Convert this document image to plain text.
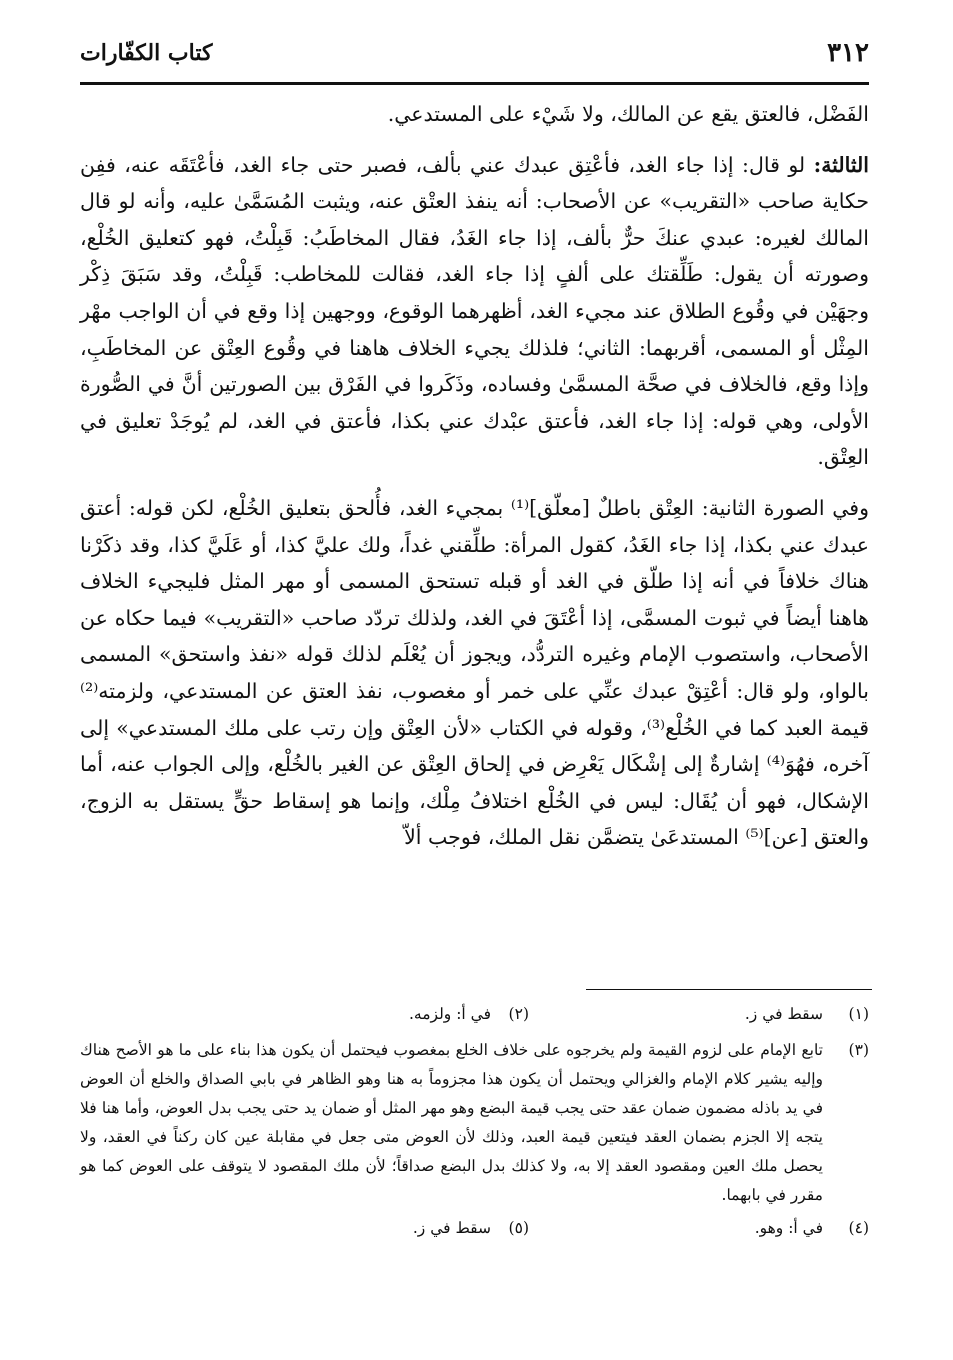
٣١٢
كتاب الكفّارات

الفَضْل، فالعتق يقع عن المالك، ولا شَيْء على المستدعي.

الثالثة: لو قال: إذا جاء الغد، فأعْتِق عبدك عني بألف، فصبر حتى جاء الغد، فأعْتَقَه عنه، ففِن حكاية صاحب «التقريب» عن الأصحاب: أنه ينفذ العتْق عنه، ويثبت المُسَمَّىٰ عليه، وأنه لو قال المالك لغيره: عبدي عنكَ حرٌّ بألف، إذا جاء الغَدُ، فقال المخاطَبُ: قَبِلْتُ، فهو كتعليق الخُلْع، وصورته أن يقول: طَلِّقتك على ألفٍ إذا جاء الغد، فقالت للمخاطب: قَبِلْتُ، وقد سَبَقَ ذِكْر وجهَيْن في وقُوع الطلاق عند مجيء الغد، أظهرهما الوقوع، ووجهين إذا وقع في أن الواجب مهْر المِثْل أو المسمى، أقربهما: الثاني؛ فلذلك يجيء الخلاف هاهنا في وقُوع العِتْق عن المخاطَبِ، وإذا وقع، فالخلاف في صحَّة المسمَّىٰ وفساده، وذَكَروا في الفَرْق بين الصورتين أنَّ في الصُّورة الأولى، وهي قوله: إذا جاء الغد، فأعتق عبْدك عني بكذا، فأعتق في الغد، لم يُوجَدْ تعليق في العِتْق.

وفي الصورة الثانية: العِتْق باطلٌ [معلّق]⁽¹⁾ بمجيء الغد، فأُلحق بتعليق الخُلْع، لكن قوله: أعتق عبدك عني بكذا، إذا جاء الغَدُ، كقول المرأة: طلِّقني غداً، ولك عليَّ كذا، أو عَلَيَّ كذا، وقد ذكَرْنا هناك خلافاً في أنه إذا طلّق في الغد أو قبله تستحق المسمى أو مهر المثل فليجيء الخلاف هاهنا أيضاً في ثبوت المسمَّى، إذا أعْتَقَ في الغد، ولذلك تردّد صاحب «التقريب» فيما حكاه عن الأصحاب، واستصوب الإمام وغيره التردُّد، ويجوز أن يُعْلَم لذلك قوله «نفذ واستحق» المسمى بالواو، ولو قال: أعْتِقْ عبدك عنِّي على خمر أو مغصوب، نفذ العتق عن المستدعي، ولزمته⁽²⁾ قيمة العبد كما في الخُلْع⁽³⁾، وقوله في الكتاب «لأن العِتْق وإن رتب على ملك المستدعي» إلى آخره، فهُوَ⁽⁴⁾ إشارةٌ إلى إشْكَال يَعْرِض في إلحاق العِتْق عن الغير بالخُلْع، وإلى الجواب عنه، أما الإشكال، فهو أن يُقَال: ليس في الخُلْع اختلافُ مِلْك، وإنما هو إسقاط حقٍّ يستقل به الزوج، والعتق [عن]⁽⁵⁾ المستدعَىٰ يتضمَّن نقل الملك، فوجب ألاّ

(١)
سقط في ز.
(٢)
في أ: ولزمه.
(٣)
تابع الإمام على لزوم القيمة ولم يخرجوه على خلاف الخلع بمغصوب فيحتمل أن يكون هذا بناء على ما هو الأصح هناك وإليه يشير كلام الإمام والغزالي ويحتمل أن يكون هذا مجزوماً به هنا وهو الظاهر في بابي الصداق والخلع أن العوض في يد باذله مضمون ضمان عقد حتى يجب قيمة البضع وهو مهر المثل أو ضمان يد حتى يجب بدل العوض، وأما هنا فلا يتجه إلا الجزم بضمان العقد فيتعين قيمة العبد، وذلك لأن العوض متى جعل في مقابلة عين كان ركناً في العقد، ولا يحصل ملك العين ومقصود العقد إلا به، ولا كذلك بدل البضع صداقاً؛ لأن ملك المقصود لا يتوقف على العوض كما هو مقرر في بابهما.
(٤)
في أ: وهو.
(٥)
سقط في ز.
